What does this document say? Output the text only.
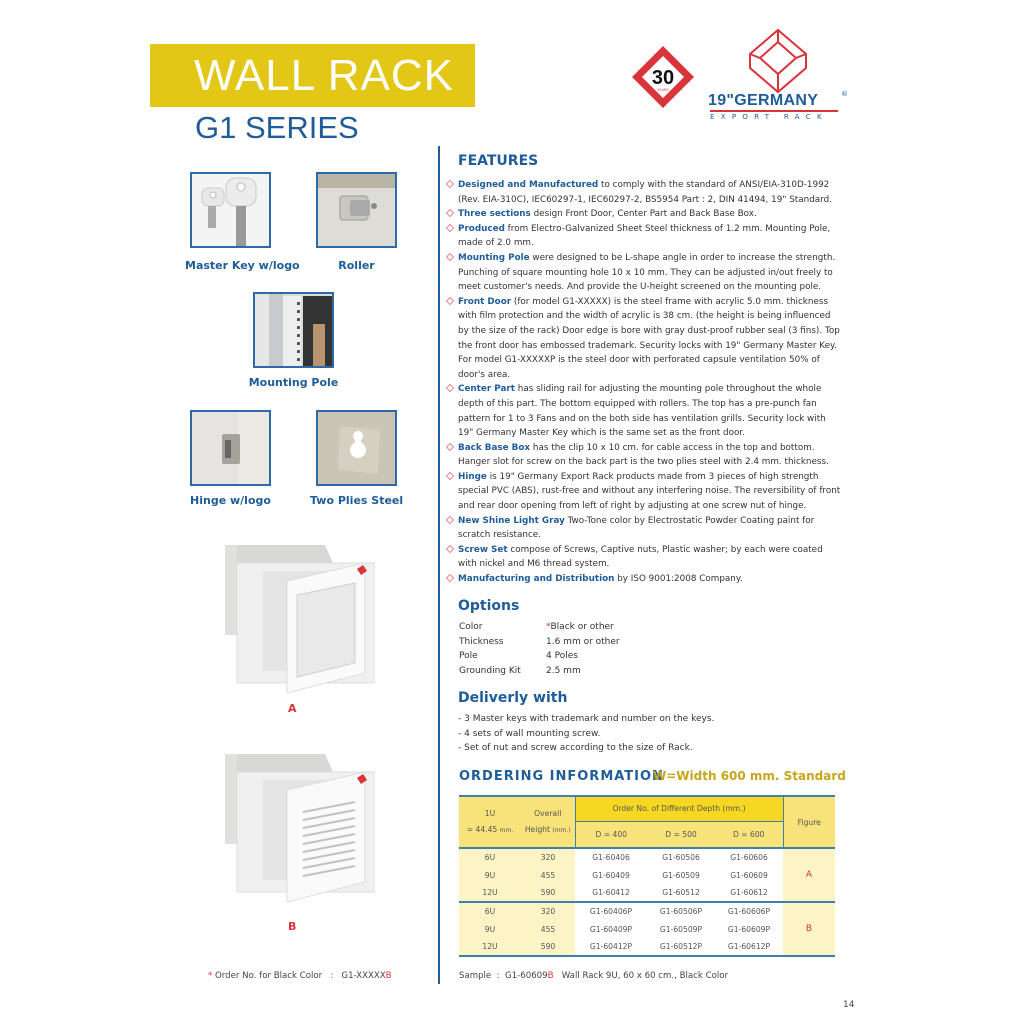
WALL RACK
G1 SERIES
30
YEARS
19"GERMANY	®
EXPORT RACK
Master Key w/logo	Roller
Mounting Pole
Hinge w/logo	Two Plies Steel
A
B
FEATURES
Designed and Manufactured to comply with the standard of ANSI/EIA-310D-1992 (Rev. EIA-310C), IEC60297-1, IEC60297-2, BS5954 Part : 2, DIN 41494, 19" Standard.
Three sections design Front Door, Center Part and Back Base Box.
Produced from Electro-Galvanized Sheet Steel thickness of 1.2 mm. Mounting Pole, made of 2.0 mm.
Mounting Pole were designed to be L-shape angle in order to increase the strength. Punching of square mounting hole 10 x 10 mm. They can be adjusted in/out freely to meet customer's needs. And provide the U-height screened on the mounting pole.
Front Door (for model G1-XXXXX) is the steel frame with acrylic 5.0 mm. thickness with film protection and the width of acrylic is 38 cm. (the height is being influenced by the size of the rack) Door edge is bore with gray dust-proof rubber seal (3 fins). Top the front door has embossed trademark. Security locks with 19" Germany Master Key. For model G1-XXXXXP is the steel door with perforated capsule ventilation 50% of door's area.
Center Part has sliding rail for adjusting the mounting pole throughout the whole depth of this part. The bottom equipped with rollers. The top has a pre-punch fan pattern for 1 to 3 Fans and on the both side has ventilation grills. Security lock with 19" Germany Master Key which is the same set as the front door.
Back Base Box has the clip 10 x 10 cm. for cable access in the top and bottom. Hanger slot for screw on the back part is the two plies steel with 2.4 mm. thickness.
Hinge is 19" Germany Export Rack products made from 3 pieces of high strength special PVC (ABS), rust-free and without any interfering noise. The reversibility of front and rear door opening from left of right by adjusting at one screw nut of hinge.
New Shine Light Gray Two-Tone color by Electrostatic Powder Coating paint for scratch resistance.
Screw Set compose of Screws, Captive nuts, Plastic washer; by each were coated with nickel and M6 thread system.
Manufacturing and Distribution by ISO 9001:2008 Company.
Options
Color	*Black or other
Thickness	1.6 mm or other
Pole	4 Poles
Grounding Kit	2.5 mm
Deliverly with
- 3 Master keys with trademark and number on the keys.
- 4 sets of wall mounting screw.
- Set of nut and screw according to the size of Rack.
ORDERING INFORMATION
W=Width 600 mm. Standard
1U
= 44.45 mm.

Overall
Height (mm.)
	Order No. of Different Depth (mm.)	Figure
		D = 400	D = 500	D = 600	
6U	320	G1-60406	G1-60506	G1-60606	A
9U	455	G1-60409	G1-60509	G1-60609	
12U	590	G1-60412	G1-60512	G1-60612	
6U	320	G1-60406P	G1-60506P	G1-60606P	B
9U	455	G1-60409P	G1-60509P	G1-60609P	
12U	590	G1-60412P	G1-60512P	G1-60612P	
* Order No. for Black Color   :   G1-XXXXXB	Sample  :  G1-60609B   Wall Rack 9U, 60 x 60 cm., Black Color
14
